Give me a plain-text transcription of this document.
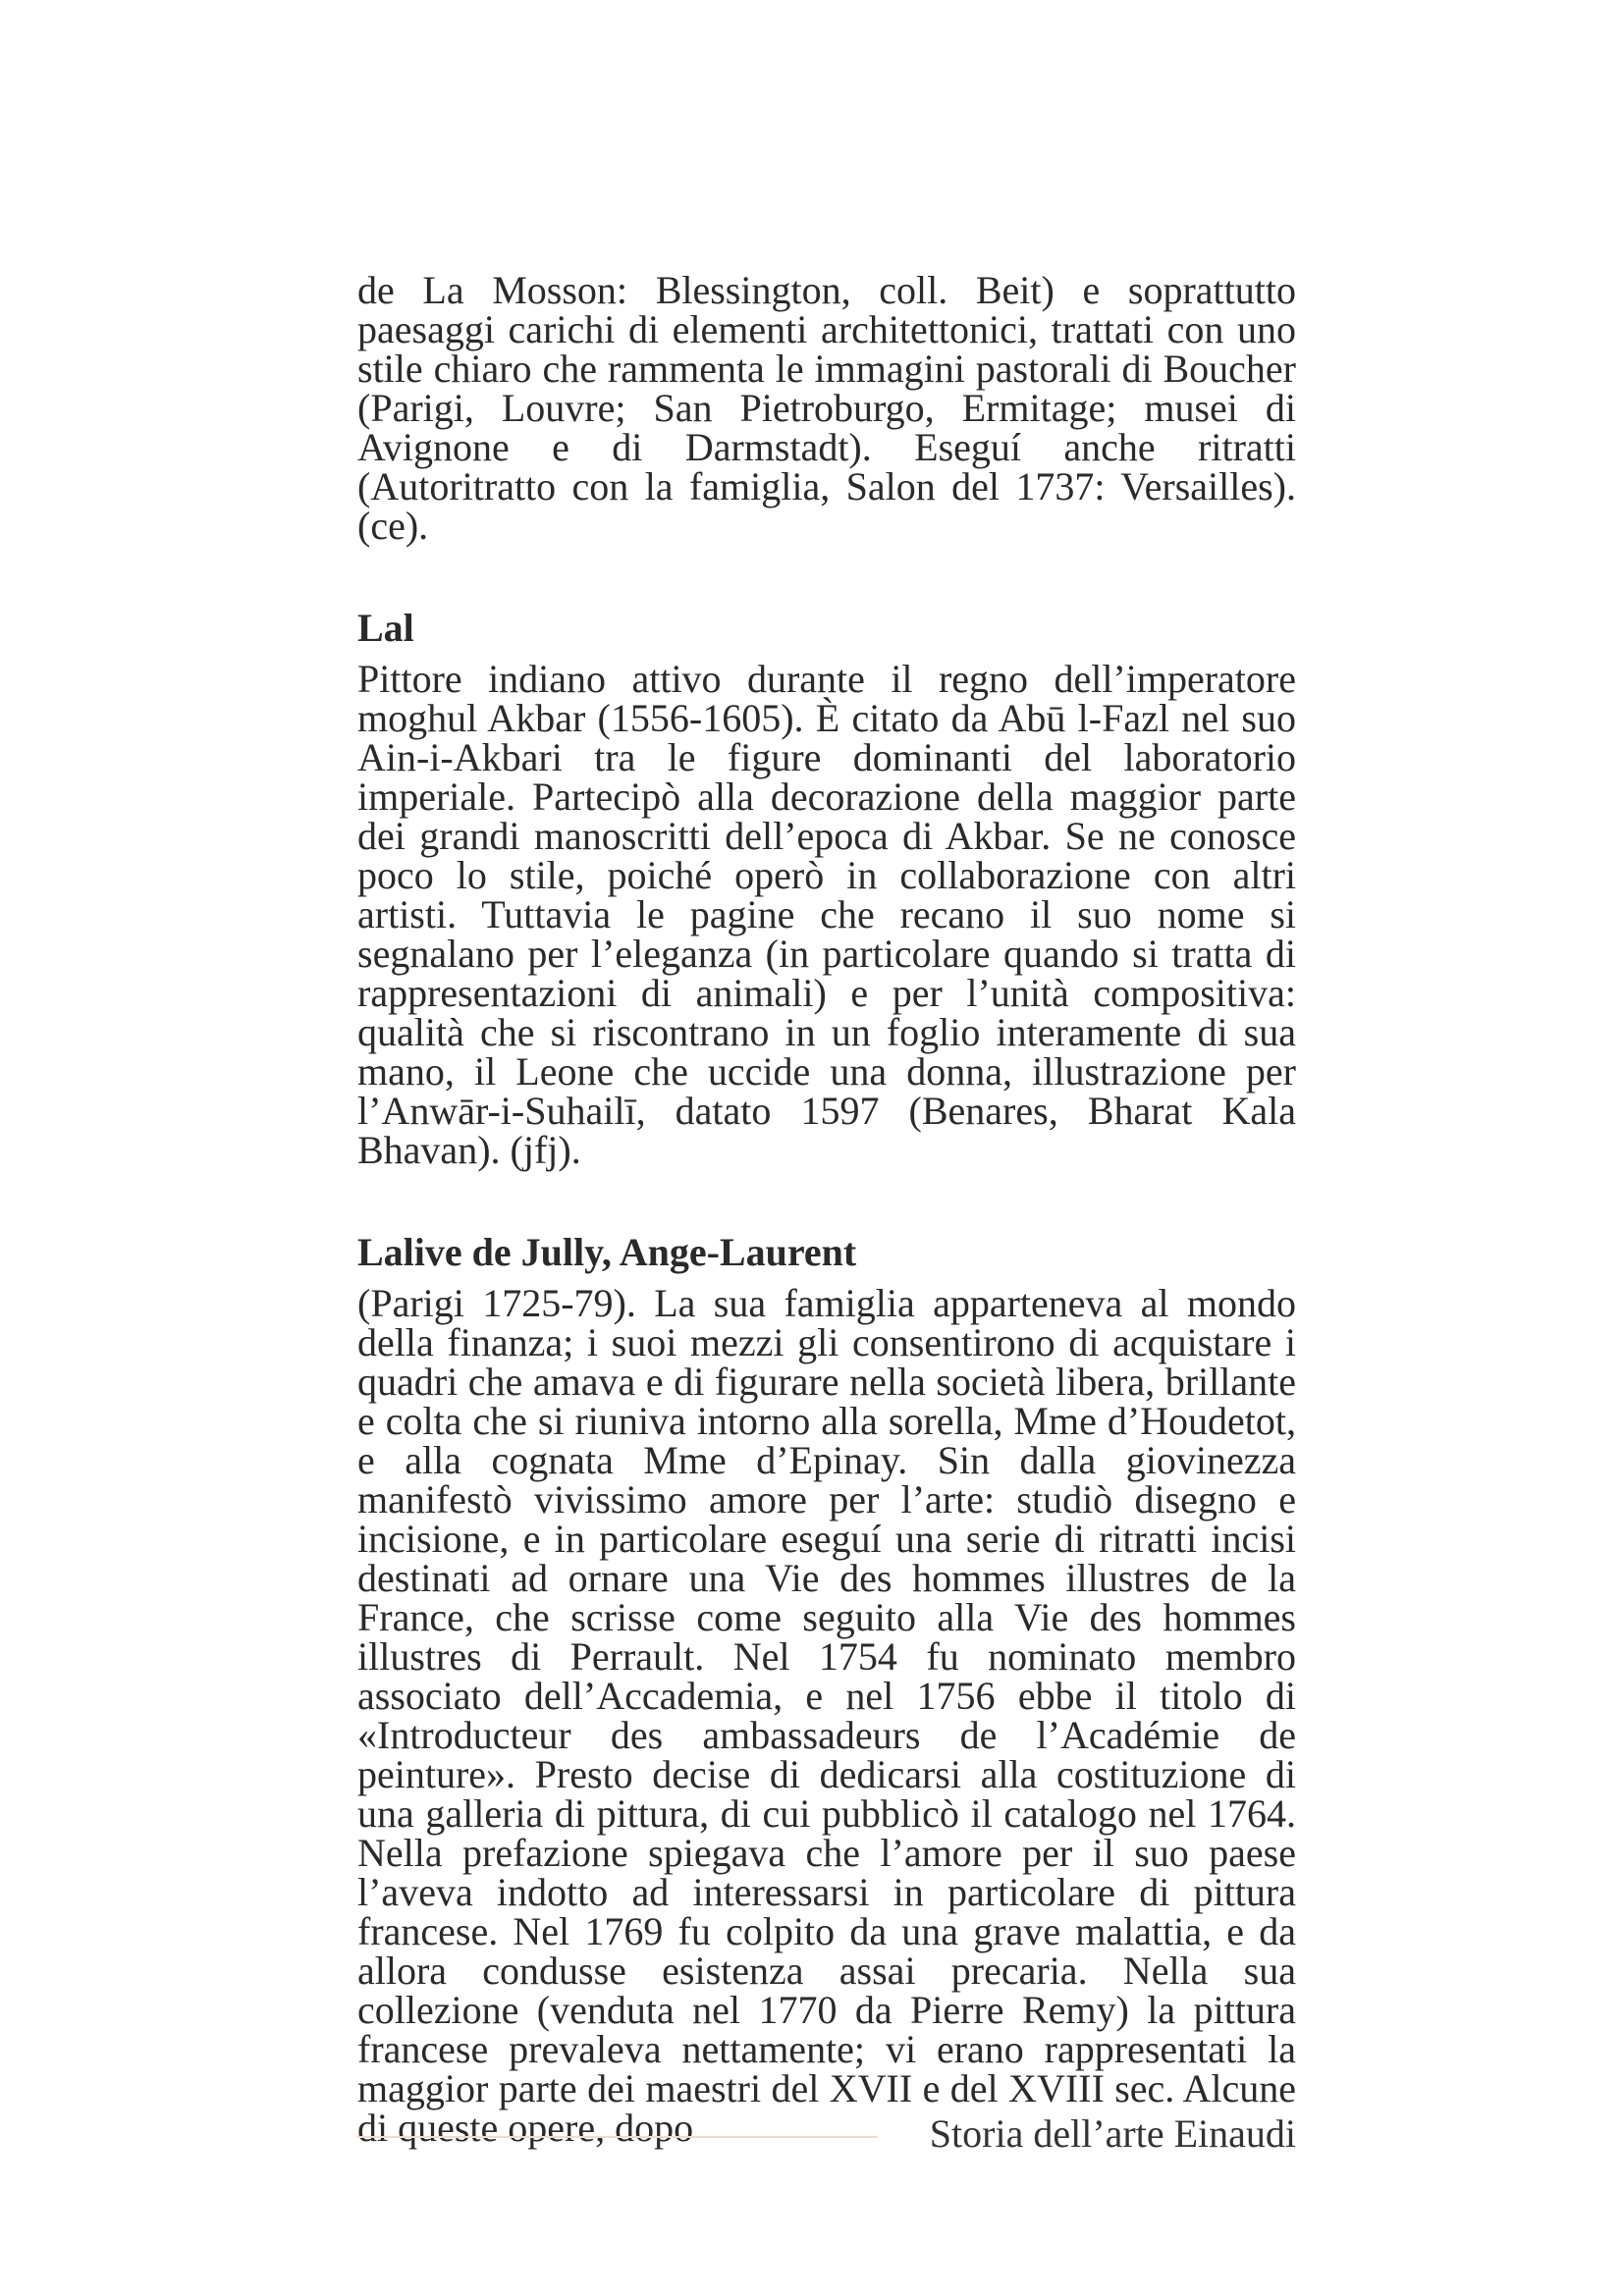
de La Mosson: Blessington, coll. Beit) e soprattutto paesaggi carichi di elementi architettonici, trattati con uno stile chiaro che rammenta le immagini pastorali di Boucher (Parigi, Louvre; San Pietroburgo, Ermitage; musei di Avignone e di Darmstadt). Eseguí anche ritratti (Autoritratto con la famiglia, Salon del 1737: Versailles). (ce).

Lal

Pittore indiano attivo durante il regno dell’imperatore moghul Akbar (1556-1605). È citato da Abū l-Fazl nel suo Ain-i-Akbari tra le figure dominanti del laboratorio imperiale. Partecipò alla decorazione della maggior parte dei grandi manoscritti dell’epoca di Akbar. Se ne conosce poco lo stile, poiché operò in collaborazione con altri artisti. Tuttavia le pagine che recano il suo nome si segnalano per l’eleganza (in particolare quando si tratta di rappresentazioni di animali) e per l’unità compositiva: qualità che si riscontrano in un foglio interamente di sua mano, il Leone che uccide una donna, illustrazione per l’Anwār-i-Suhailī, datato 1597 (Benares, Bharat Kala Bhavan). (jfj).

Lalive de Jully, Ange-Laurent

(Parigi 1725-79). La sua famiglia apparteneva al mondo della finanza; i suoi mezzi gli consentirono di acquistare i quadri che amava e di figurare nella società libera, brillante e colta che si riuniva intorno alla sorella, Mme d’Houdetot, e alla cognata Mme d’Epinay. Sin dalla giovinezza manifestò vivissimo amore per l’arte: studiò disegno e incisione, e in particolare eseguí una serie di ritratti incisi destinati ad ornare una Vie des hommes illustres de la France, che scrisse come seguito alla Vie des hommes illustres di Perrault. Nel 1754 fu nominato membro associato dell’Accademia, e nel 1756 ebbe il titolo di «Introducteur des ambassadeurs de l’Académie de peinture». Presto decise di dedicarsi alla costituzione di una galleria di pittura, di cui pubblicò il catalogo nel 1764. Nella prefazione spiegava che l’amore per il suo paese l’aveva indotto ad interessarsi in particolare di pittura francese. Nel 1769 fu colpito da una grave malattia, e da allora condusse esistenza assai precaria. Nella sua collezione (venduta nel 1770 da Pierre Remy) la pittura francese prevaleva nettamente; vi erano rappresentati la maggior parte dei maestri del XVII e del XVIII sec. Alcune di queste opere, dopo	Storia dell’arte Einaudi
